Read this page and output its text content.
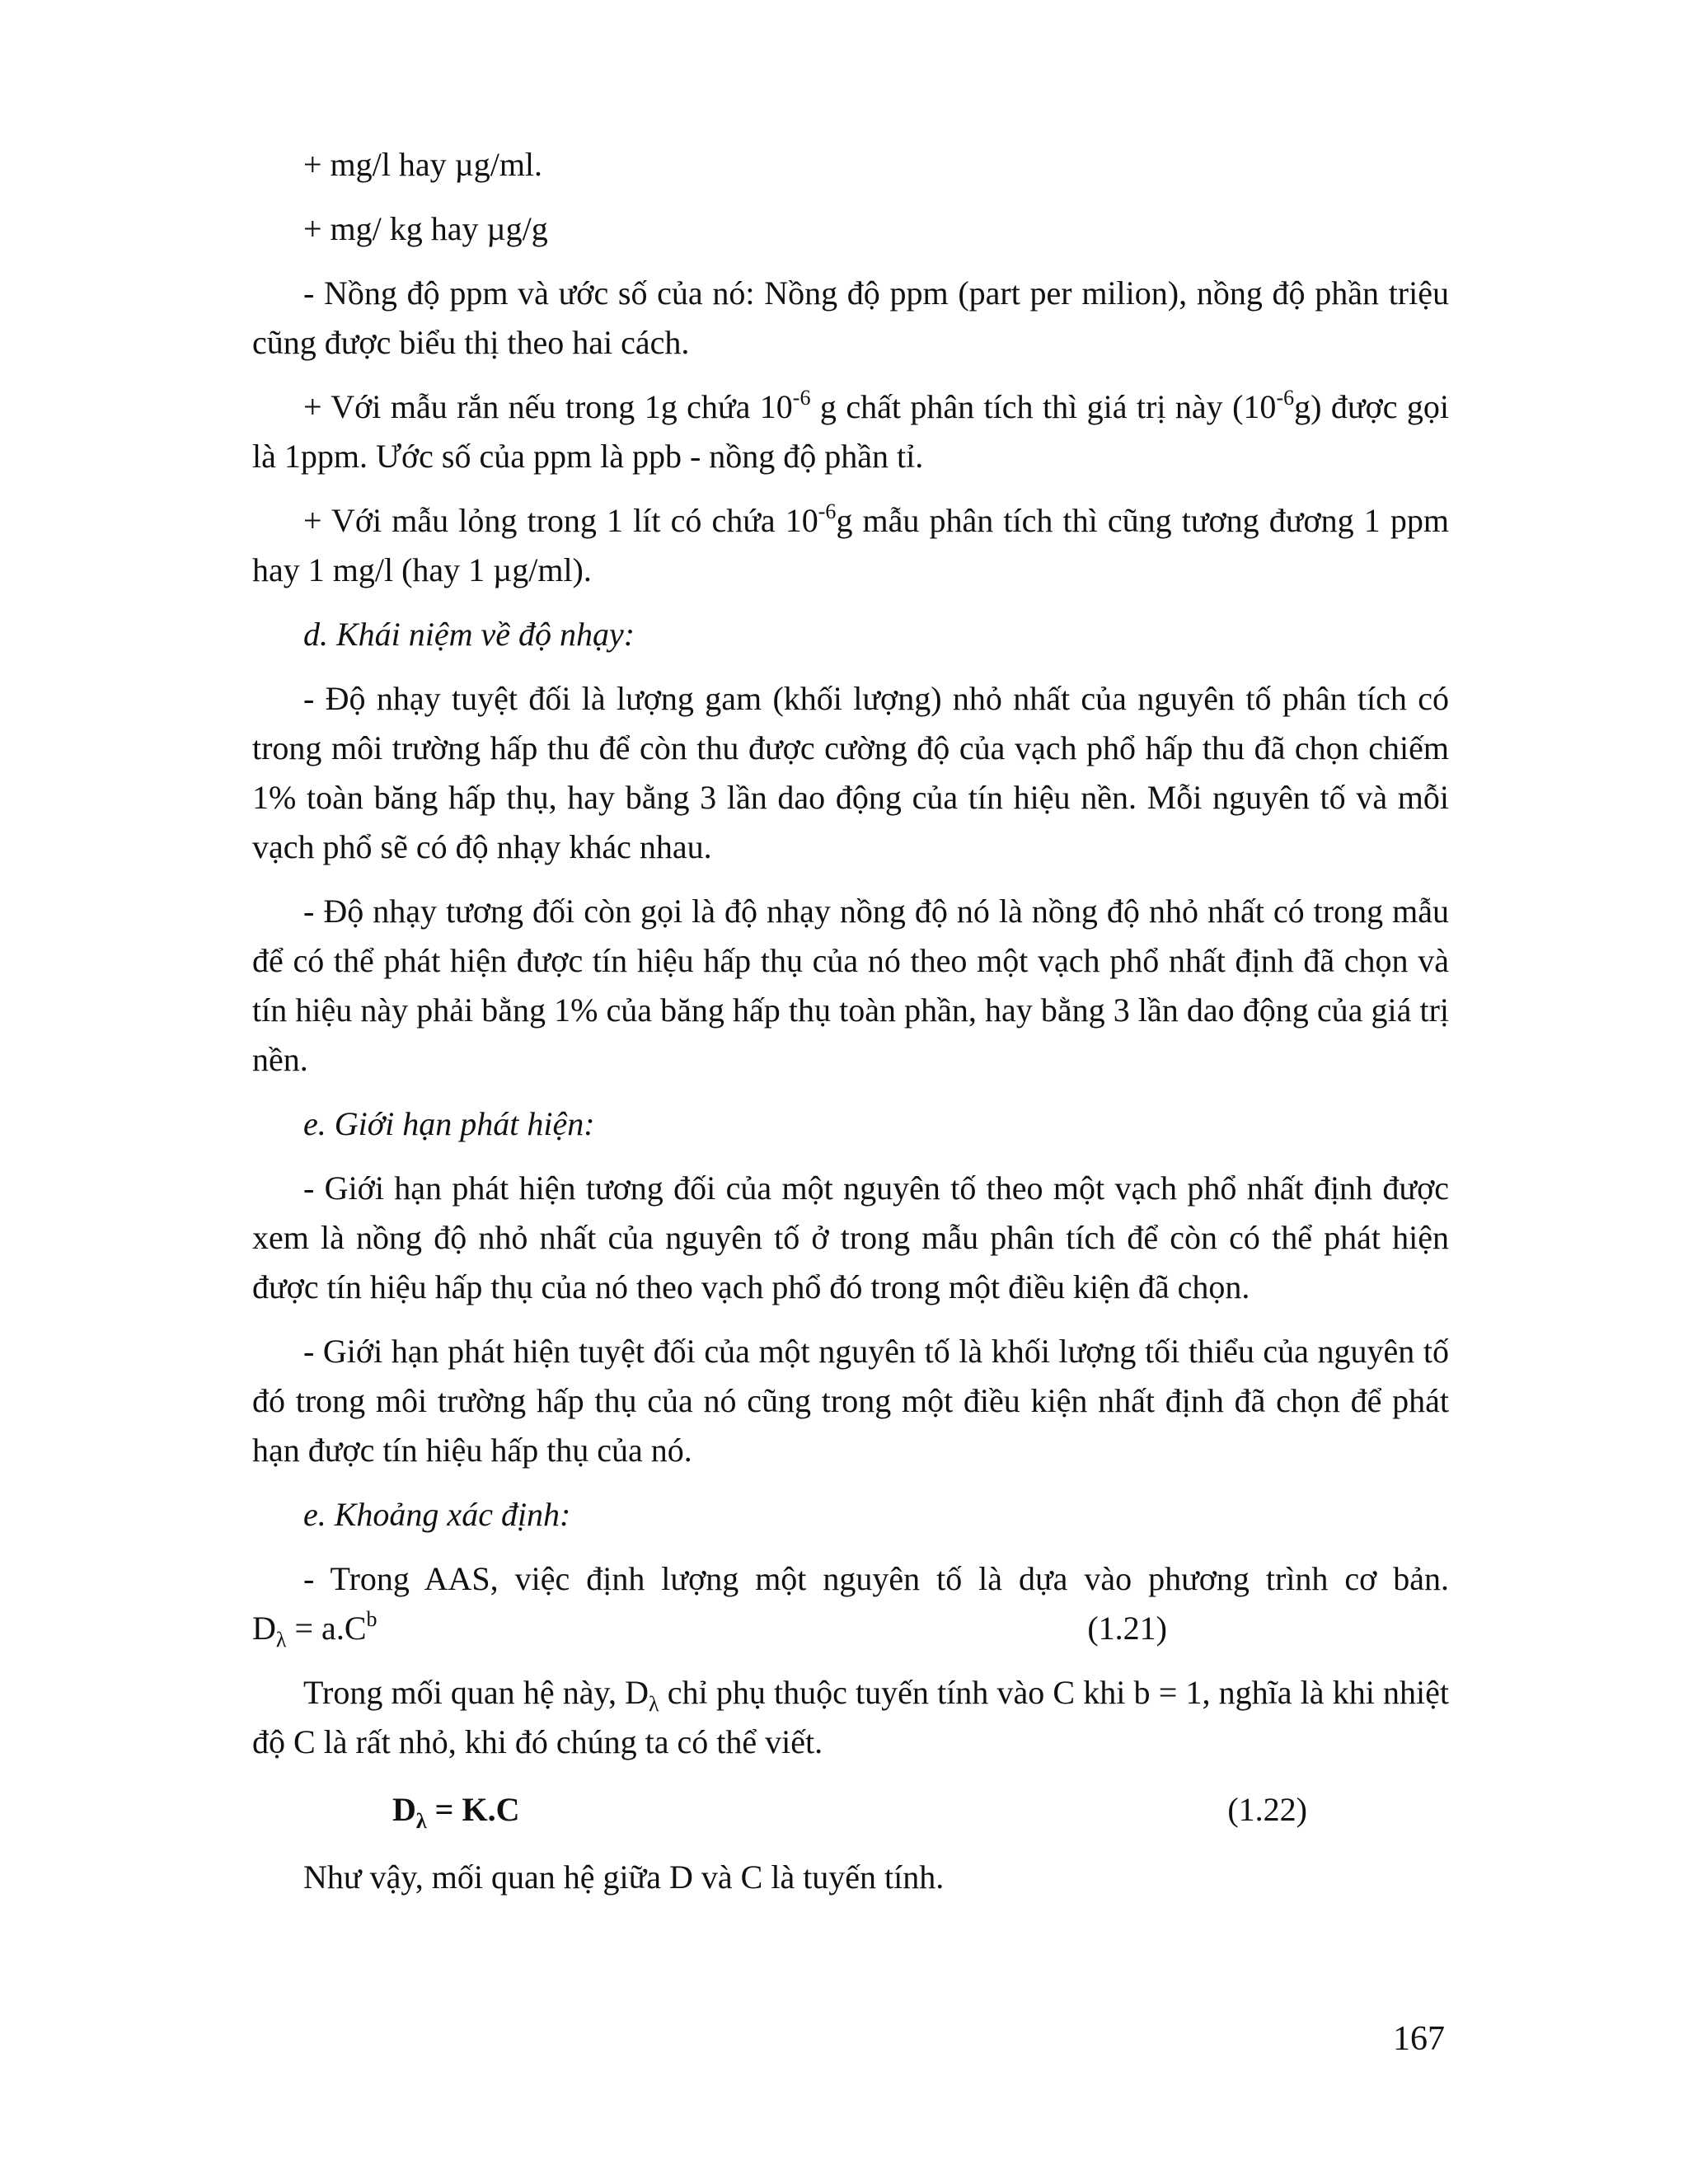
+ mg/l hay µg/ml.

+ mg/ kg hay µg/g

- Nồng độ ppm và ước số của nó: Nồng độ ppm (part per milion), nồng độ phần triệu cũng được biểu thị theo hai cách.

+ Với mẫu rắn nếu trong 1g chứa $10^{-6}$ g chất phân tích thì giá trị này $(10^{-6}g)$ được gọi là 1ppm. Ước số của ppm là ppb - nồng độ phần tỉ.

+ Với mẫu lỏng trong 1 lít có chứa $10^{-6}g$ mẫu phân tích thì cũng tương đương 1 ppm hay 1 mg/l (hay 1 µg/ml).

d. Khái niệm về độ nhạy:

- Độ nhạy tuyệt đối là lượng gam (khối lượng) nhỏ nhất của nguyên tố phân tích có trong môi trường hấp thu để còn thu được cường độ của vạch phổ hấp thu đã chọn chiếm 1% toàn băng hấp thụ, hay bằng 3 lần dao động của tín hiệu nền. Mỗi nguyên tố và mỗi vạch phổ sẽ có độ nhạy khác nhau.

- Độ nhạy tương đối còn gọi là độ nhạy nồng độ nó là nồng độ nhỏ nhất có trong mẫu để có thể phát hiện được tín hiệu hấp thụ của nó theo một vạch phổ nhất định đã chọn và tín hiệu này phải bằng 1% của băng hấp thụ toàn phần, hay bằng 3 lần dao động của giá trị nền.

e. Giới hạn phát hiện:

- Giới hạn phát hiện tương đối của một nguyên tố theo một vạch phổ nhất định được xem là nồng độ nhỏ nhất của nguyên tố ở trong mẫu phân tích để còn có thể phát hiện được tín hiệu hấp thụ của nó theo vạch phổ đó trong một điều kiện đã chọn.

- Giới hạn phát hiện tuyệt đối của một nguyên tố là khối lượng tối thiểu của nguyên tố đó trong môi trường hấp thụ của nó cũng trong một điều kiện nhất định đã chọn để phát hạn được tín hiệu hấp thụ của nó.

e. Khoảng xác định:

- Trong AAS, việc định lượng một nguyên tố là dựa vào phương trình cơ bản.
$D_\lambda = a.C^b$	(1.21)

Trong mối quan hệ này, $D_\lambda$ chỉ phụ thuộc tuyến tính vào C khi b = 1, nghĩa là khi nhiệt độ C là rất nhỏ, khi đó chúng ta có thể viết.

$D_\lambda = K.C$	(1.22)

Như vậy, mối quan hệ giữa D và C là tuyến tính.

167
